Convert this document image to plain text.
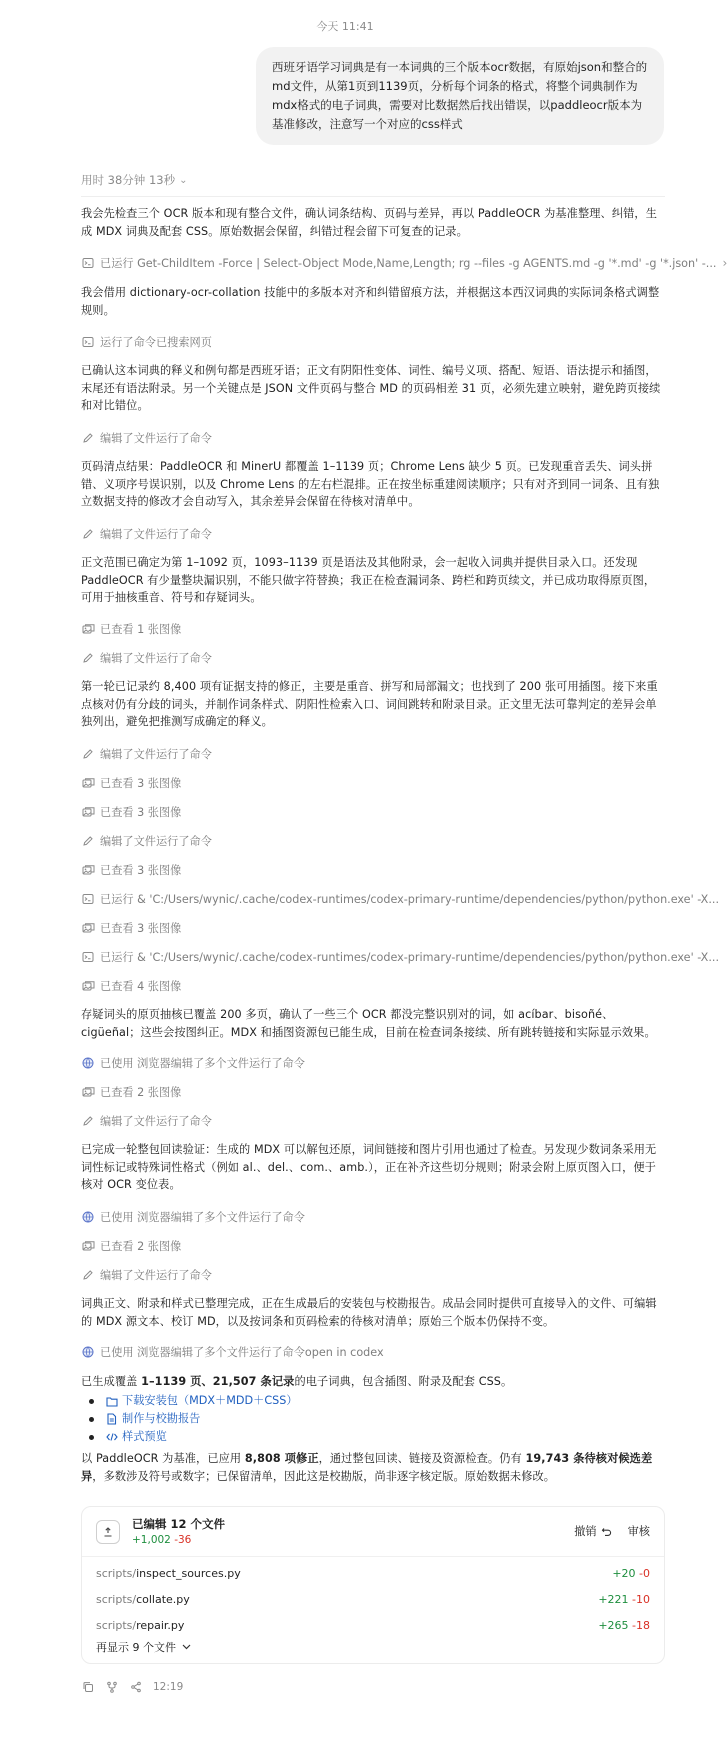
今天 11:41
西班牙语学习词典是有一本词典的三个版本ocr数据，有原始json和整合的md文件，从第1页到1139页，分析每个词条的格式，将整个词典制作为mdx格式的电子词典，需要对比数据然后找出错误，以paddleocr版本为基准修改，注意写一个对应的css样式
用时 38分钟 13秒 ⌄
我会先检查三个 OCR 版本和现有整合文件，确认词条结构、页码与差异，再以 PaddleOCR 为基准整理、纠错，生成 MDX 词典及配套 CSS。原始数据会保留，纠错过程会留下可复查的记录。
已运行 Get-ChildItem -Force | Select-Object Mode,Name,Length; rg --files -g AGENTS.md -g '*.md' -g '*.json' -... ›
我会借用 dictionary-ocr-collation 技能中的多版本对齐和纠错留痕方法，并根据这本西汉词典的实际词条格式调整规则。
运行了命令已搜索网页
已确认这本词典的释义和例句都是西班牙语；正文有阴阳性变体、词性、编号义项、搭配、短语、语法提示和插图，末尾还有语法附录。另一个关键点是 JSON 文件页码与整合 MD 的页码相差 31 页，必须先建立映射，避免跨页接续和对比错位。
编辑了文件运行了命令
页码清点结果：PaddleOCR 和 MinerU 都覆盖 1–1139 页；Chrome Lens 缺少 5 页。已发现重音丢失、词头拼错、义项序号误识别，以及 Chrome Lens 的左右栏混排。正在按坐标重建阅读顺序；只有对齐到同一词条、且有独立数据支持的修改才会自动写入，其余差异会保留在待核对清单中。
编辑了文件运行了命令
正文范围已确定为第 1–1092 页，1093–1139 页是语法及其他附录，会一起收入词典并提供目录入口。还发现 PaddleOCR 有少量整块漏识别，不能只做字符替换；我正在检查漏词条、跨栏和跨页续文，并已成功取得原页图，可用于抽核重音、符号和存疑词头。
已查看 1 张图像
编辑了文件运行了命令
第一轮已记录约 8,400 项有证据支持的修正，主要是重音、拼写和局部漏文；也找到了 200 张可用插图。接下来重点核对仍有分歧的词头，并制作词条样式、阴阳性检索入口、词间跳转和附录目录。正文里无法可靠判定的差异会单独列出，避免把推测写成确定的释义。
编辑了文件运行了命令
已查看 3 张图像
已查看 3 张图像
编辑了文件运行了命令
已查看 3 张图像
已运行 & 'C:/Users/wynic/.cache/codex-runtimes/codex-primary-runtime/dependencies/python/python.exe' -X...
已查看 3 张图像
已运行 & 'C:/Users/wynic/.cache/codex-runtimes/codex-primary-runtime/dependencies/python/python.exe' -X...
已查看 4 张图像
存疑词头的原页抽核已覆盖 200 多页，确认了一些三个 OCR 都没完整识别对的词，如 acíbar、bisoñé、cigüeñal；这些会按图纠正。MDX 和插图资源包已能生成，目前在检查词条接续、所有跳转链接和实际显示效果。
已使用 浏览器编辑了多个文件运行了命令
已查看 2 张图像
编辑了文件运行了命令
已完成一轮整包回读验证：生成的 MDX 可以解包还原，词间链接和图片引用也通过了检查。另发现少数词条采用无词性标记或特殊词性格式（例如 al.、del.、com.、amb.），正在补齐这些切分规则；附录会附上原页图入口，便于核对 OCR 变位表。
已使用 浏览器编辑了多个文件运行了命令
已查看 2 张图像
编辑了文件运行了命令
词典正文、附录和样式已整理完成，正在生成最后的安装包与校勘报告。成品会同时提供可直接导入的文件、可编辑的 MDX 源文本、校订 MD，以及按词条和页码检索的待核对清单；原始三个版本仍保持不变。
已使用 浏览器编辑了多个文件运行了命令open in codex
已生成覆盖 1–1139 页、21,507 条记录的电子词典，包含插图、附录及配套 CSS。
下载安装包（MDX＋MDD＋CSS）
制作与校勘报告
样式预览
以 PaddleOCR 为基准，已应用 8,808 项修正，通过整包回读、链接及资源检查。仍有 19,743 条待核对候选差异，多数涉及符号或数字；已保留清单，因此这是校勘版，尚非逐字核定版。原始数据未修改。
已编辑 12 个文件
+1,002 -36
撤销	审核
scripts/inspect_sources.py	+20 -0
scripts/collate.py	+221 -10
scripts/repair.py	+265 -18
再显示 9 个文件
12:19
